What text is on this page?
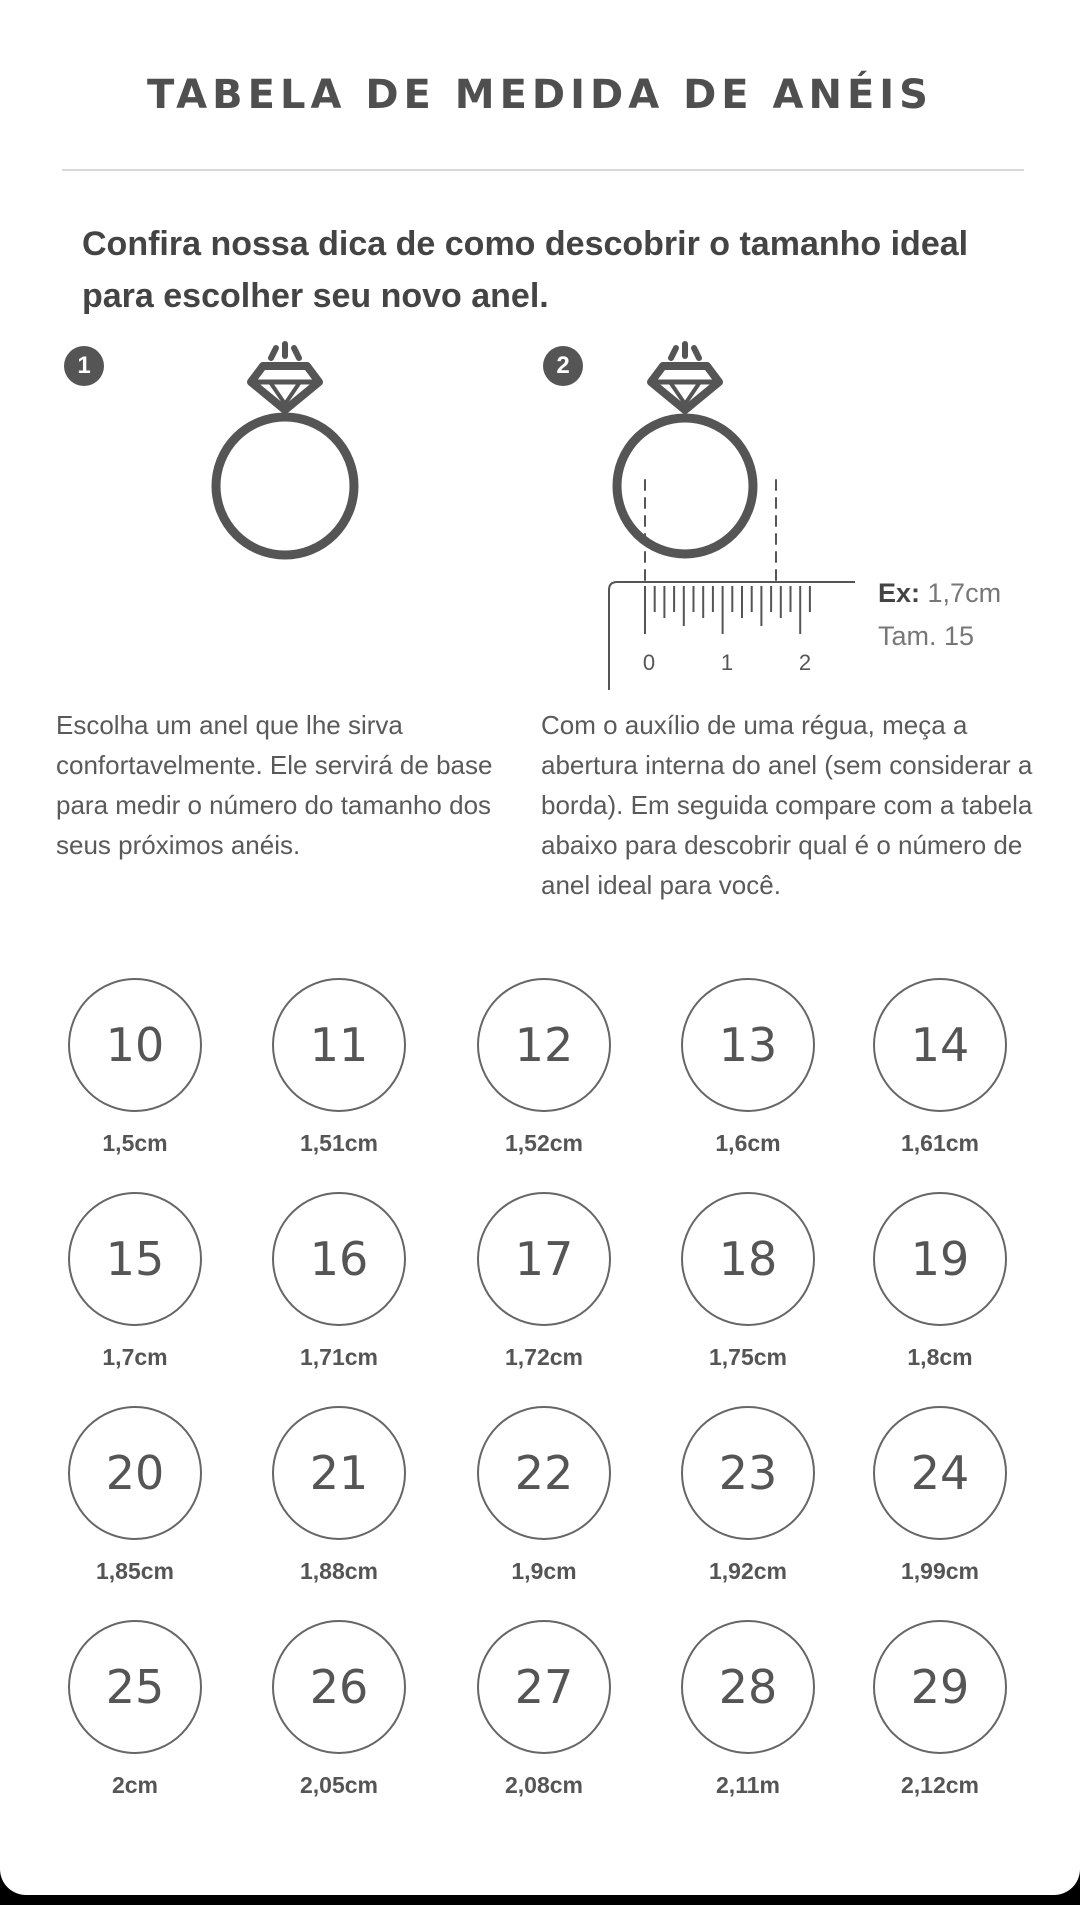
TABELA DE MEDIDA DE ANÉIS

Confira nossa dica de como descobrir o tamanho ideal para escolher seu novo anel.

1

Escolha um anel que lhe sirva confortavelmente. Ele servirá de base para medir o número do tamanho dos seus próximos anéis.

2
0	1	2
Ex: 1,7cm
Tam. 15

Com o auxílio de uma régua, meça a abertura interna do anel (sem considerar a borda). Em seguida compare com a tabela abaixo para descobrir qual é o número de anel ideal para você.

10
1,5cm
11
1,51cm
12
1,52cm
13
1,6cm
14
1,61cm
15
1,7cm
16
1,71cm
17
1,72cm
18
1,75cm
19
1,8cm
20
1,85cm
21
1,88cm
22
1,9cm
23
1,92cm
24
1,99cm
25
2cm
26
2,05cm
27
2,08cm
28
2,11m
29
2,12cm
